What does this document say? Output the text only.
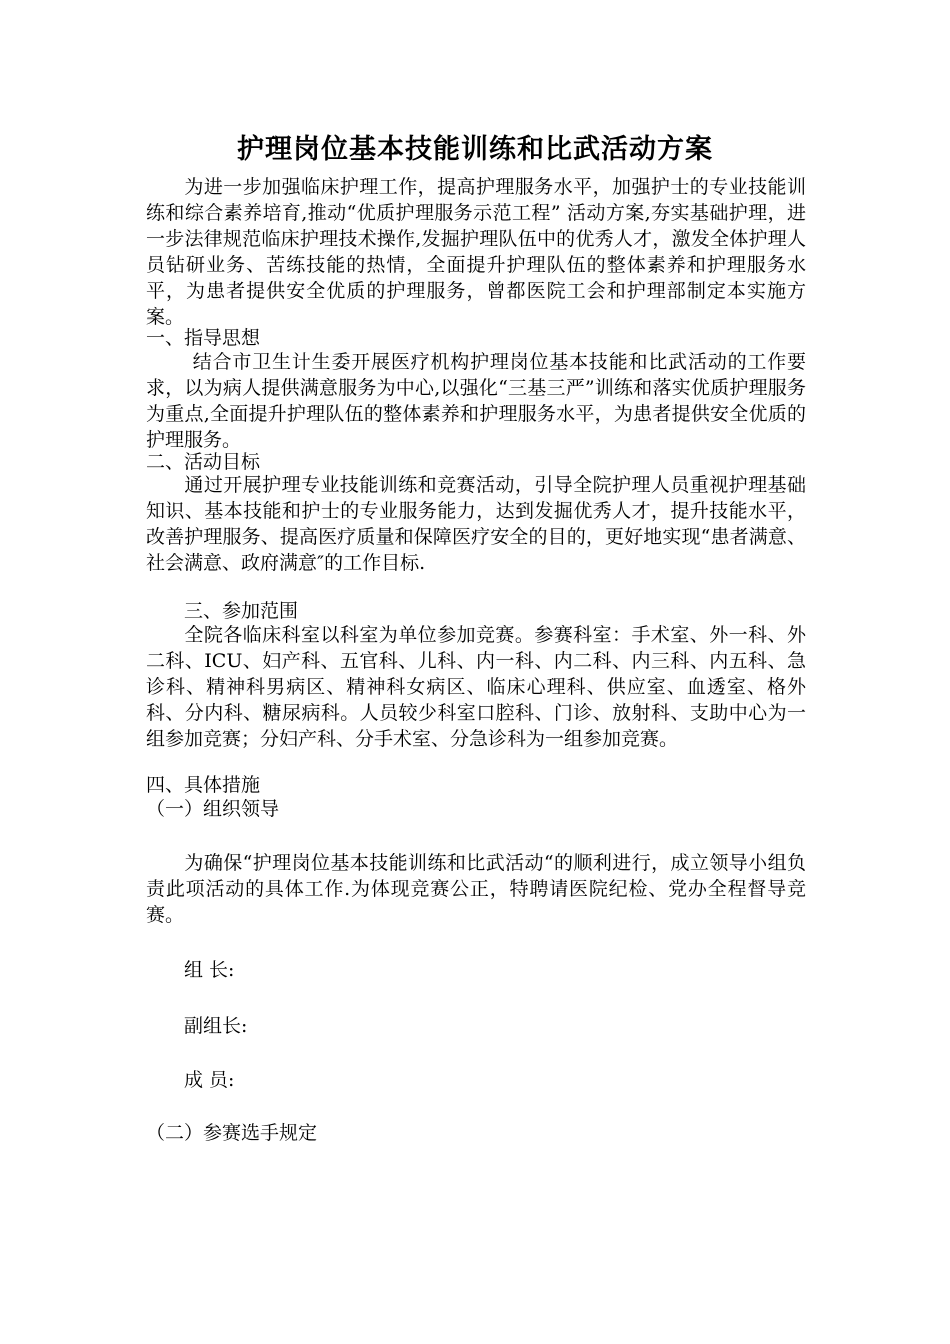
护理岗位基本技能训练和比武活动方案
为进一步加强临床护理工作，提高护理服务水平，加强护士的专业技能训练和综合素养培育,推动“优质护理服务示范工程” 活动方案,夯实基础护理，进一步法律规范临床护理技术操作,发掘护理队伍中的优秀人才，激发全体护理人员钻研业务、苦练技能的热情，全面提升护理队伍的整体素养和护理服务水平，为患者提供安全优质的护理服务，曾都医院工会和护理部制定本实施方案。
一、指导思想
结合市卫生计生委开展医疗机构护理岗位基本技能和比武活动的工作要求，以为病人提供满意服务为中心,以强化“三基三严”训练和落实优质护理服务为重点,全面提升护理队伍的整体素养和护理服务水平，为患者提供安全优质的护理服务。
二、活动目标
通过开展护理专业技能训练和竞赛活动，引导全院护理人员重视护理基础知识、基本技能和护士的专业服务能力，达到发掘优秀人才，提升技能水平，改善护理服务、提高医疗质量和保障医疗安全的目的，更好地实现“患者满意、社会满意、政府满意″的工作目标.
三、参加范围
全院各临床科室以科室为单位参加竞赛。参赛科室：手术室、外一科、外二科、ICU、妇产科、五官科、儿科、内一科、内二科、内三科、内五科、急诊科、精神科男病区、精神科女病区、临床心理科、供应室、血透室、格外科、分内科、糖尿病科。人员较少科室口腔科、门诊、放射科、支助中心为一组参加竞赛；分妇产科、分手术室、分急诊科为一组参加竞赛。
四、具体措施
（一）组织领导
为确保“护理岗位基本技能训练和比武活动“的顺利进行，成立领导小组负责此项活动的具体工作.为体现竞赛公正，特聘请医院纪检、党办全程督导竞赛。
组 长:
副组长:
成 员:
（二）参赛选手规定
